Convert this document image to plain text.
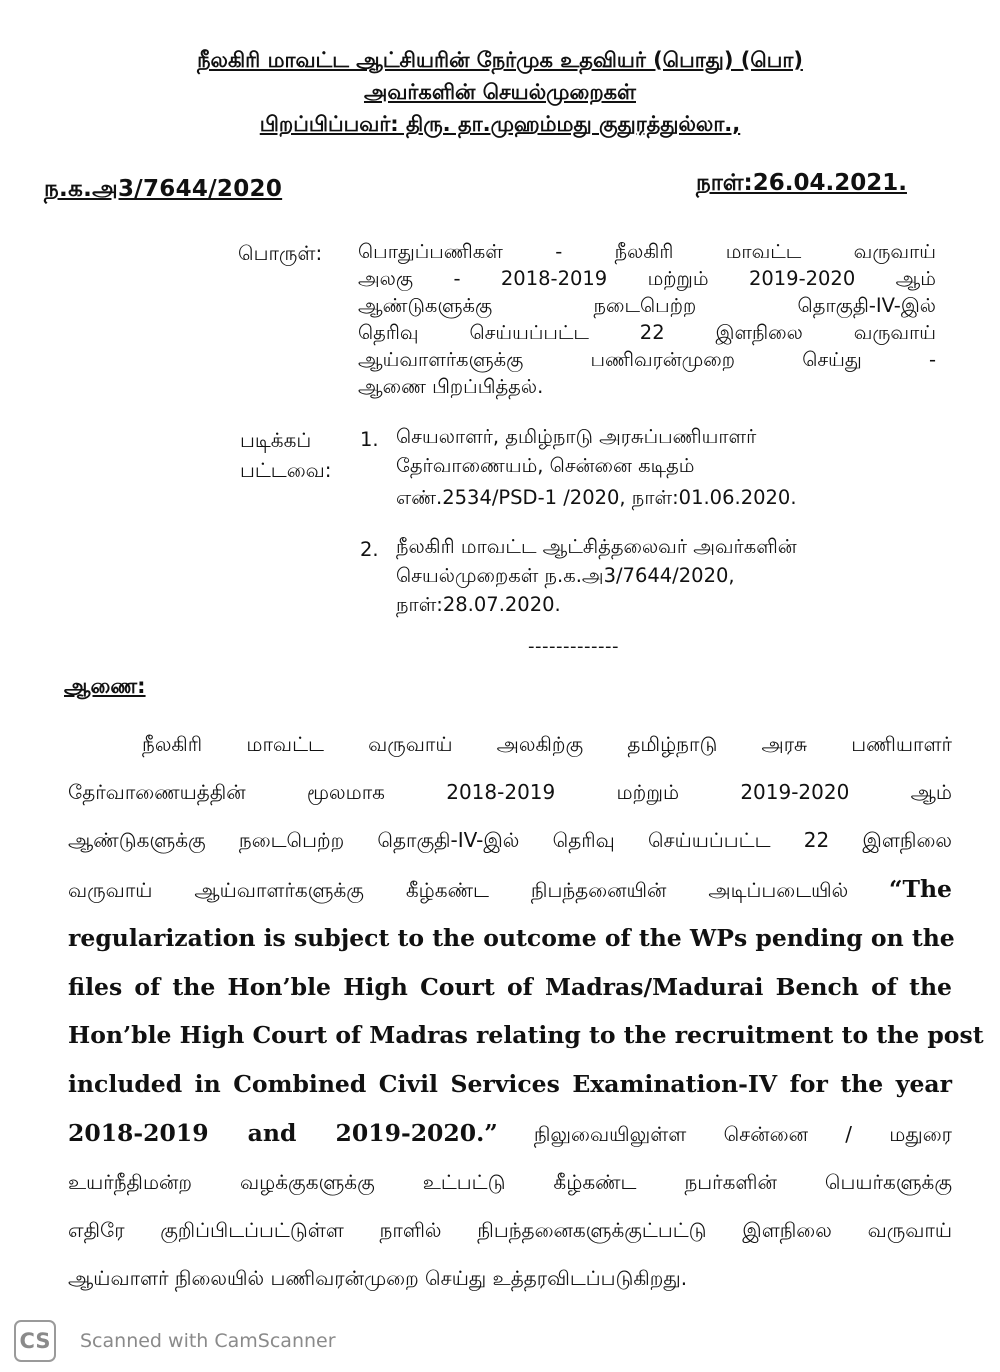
நீலகிரி மாவட்ட ஆட்சியரின் நேர்முக உதவியர் (பொது) (பொ)
அவர்களின் செயல்முறைகள்
பிறப்பிப்பவர்: திரு. தா.முஹம்மது குதுரத்துல்லா.,
ந.க.அ3/7644/2020	நாள்:26.04.2021.
பொருள்: பொதுப்பணிகள் - நீலகிரி மாவட்ட வருவாய்
அலகு - 2018-2019 மற்றும் 2019-2020 ஆம்
ஆண்டுகளுக்கு நடைபெற்ற தொகுதி-IV-இல்
தெரிவு செய்யப்பட்ட 22 இளநிலை வருவாய்
ஆய்வாளர்களுக்கு பணிவரன்முறை செய்து -
ஆணை பிறப்பித்தல்.
படிக்கப்
பட்டவை:
1. செயலாளர், தமிழ்நாடு அரசுப்பணியாளர்
தேர்வாணையம், சென்னை கடிதம்
எண்.2534/PSD-1 /2020, நாள்:01.06.2020.
2. நீலகிரி மாவட்ட ஆட்சித்தலைவர் அவர்களின்
செயல்முறைகள் ந.க.அ3/7644/2020,
நாள்:28.07.2020.
-------------
ஆணை:
நீலகிரி மாவட்ட வருவாய் அலகிற்கு தமிழ்நாடு அரசு பணியாளர்
தேர்வாணையத்தின் மூலமாக 2018-2019 மற்றும் 2019-2020 ஆம்
ஆண்டுகளுக்கு நடைபெற்ற தொகுதி-IV-இல் தெரிவு செய்யப்பட்ட 22 இளநிலை
வருவாய் ஆய்வாளர்களுக்கு கீழ்கண்ட நிபந்தனையின் அடிப்படையில் “The
regularization is subject to the outcome of the WPs pending on the
files of the Hon’ble High Court of Madras/Madurai Bench of the
Hon’ble High Court of Madras relating to the recruitment to the post
included in Combined Civil Services Examination-IV for the year
2018-2019 and 2019-2020.” நிலுவையிலுள்ள சென்னை / மதுரை
உயர்நீதிமன்ற வழக்குகளுக்கு உட்பட்டு கீழ்கண்ட நபர்களின் பெயர்களுக்கு
எதிரே குறிப்பிடப்பட்டுள்ள நாளில் நிபந்தனைகளுக்குட்பட்டு இளநிலை வருவாய்
ஆய்வாளர் நிலையில் பணிவரன்முறை செய்து உத்தரவிடப்படுகிறது.
CS Scanned with CamScanner
